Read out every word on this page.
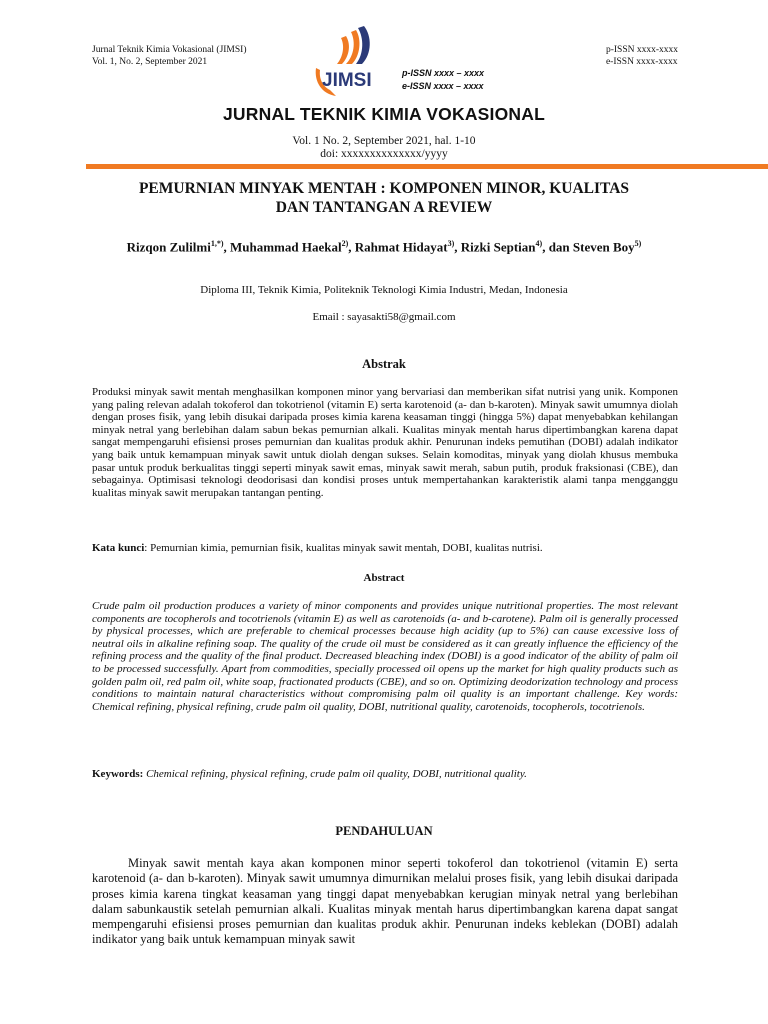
Jurnal Teknik Kimia Vokasional (JIMSI)
Vol. 1, No. 2, September 2021
p-ISSN xxxx-xxxx
e-ISSN xxxx-xxxx
JIMSI	p-ISSN xxxx – xxxx
e-ISSN xxxx – xxxx
JURNAL TEKNIK KIMIA VOKASIONAL
Vol. 1 No. 2, September 2021, hal. 1-10
doi: xxxxxxxxxxxxxx/yyyy
PEMURNIAN MINYAK MENTAH : KOMPONEN MINOR, KUALITAS
DAN TANTANGAN A REVIEW
Rizqon Zulilmi$^{1,*)}$, Muhammad Haekal$^{2)}$, Rahmat Hidayat$^{3)}$, Rizki Septian$^{4)}$, dan Steven Boy$^{5)}$
Diploma III, Teknik Kimia, Politeknik Teknologi Kimia Industri, Medan, Indonesia
Email : sayasakti58@gmail.com
Abstrak
Produksi minyak sawit mentah menghasilkan komponen minor yang bervariasi dan memberikan sifat nutrisi yang unik. Komponen yang paling relevan adalah tokoferol dan tokotrienol (vitamin E) serta karotenoid (a- dan b-karoten). Minyak sawit umumnya diolah dengan proses fisik, yang lebih disukai daripada proses kimia karena keasaman tinggi (hingga 5%) dapat menyebabkan kehilangan minyak netral yang berlebihan dalam sabun bekas pemurnian alkali. Kualitas minyak mentah harus dipertimbangkan karena dapat sangat mempengaruhi efisiensi proses pemurnian dan kualitas produk akhir. Penurunan indeks pemutihan (DOBI) adalah indikator yang baik untuk kemampuan minyak sawit untuk diolah dengan sukses. Selain komoditas, minyak yang diolah khusus membuka pasar untuk produk berkualitas tinggi seperti minyak sawit emas, minyak sawit merah, sabun putih, produk fraksionasi (CBE), dan sebagainya. Optimisasi teknologi deodorisasi dan kondisi proses untuk mempertahankan karakteristik alami tanpa mengganggu kualitas minyak sawit merupakan tantangan penting.
Kata kunci: Pemurnian kimia, pemurnian fisik, kualitas minyak sawit mentah, DOBI, kualitas nutrisi.
Abstract
Crude palm oil production produces a variety of minor components and provides unique nutritional properties. The most relevant components are tocopherols and tocotrienols (vitamin E) as well as carotenoids (a- and b-carotene). Palm oil is generally processed by physical processes, which are preferable to chemical processes because high acidity (up to 5%) can cause excessive loss of neutral oils in alkaline refining soap. The quality of the crude oil must be considered as it can greatly influence the efficiency of the refining process and the quality of the final product. Decreased bleaching index (DOBI) is a good indicator of the ability of palm oil to be processed successfully. Apart from commodities, specially processed oil opens up the market for high quality products such as golden palm oil, red palm oil, white soap, fractionated products (CBE), and so on. Optimizing deodorization technology and process conditions to maintain natural characteristics without compromising palm oil quality is an important challenge. Key words: Chemical refining, physical refining, crude palm oil quality, DOBI, nutritional quality, carotenoids, tocopherols, tocotrienols.
Keywords: Chemical refining, physical refining, crude palm oil quality, DOBI, nutritional quality.
PENDAHULUAN
Minyak sawit mentah kaya akan komponen minor seperti tokoferol dan tokotrienol (vitamin E) serta karotenoid (a- dan b-karoten). Minyak sawit umumnya dimurnikan melalui proses fisik, yang lebih disukai daripada proses kimia karena tingkat keasaman yang tinggi dapat menyebabkan kerugian minyak netral yang berlebihan dalam sabunkaustik setelah pemurnian alkali. Kualitas minyak mentah harus dipertimbangkan karena dapat sangat mempengaruhi efisiensi proses pemurnian dan kualitas produk akhir. Penurunan indeks keblekan (DOBI) adalah indikator yang baik untuk kemampuan minyak sawit
